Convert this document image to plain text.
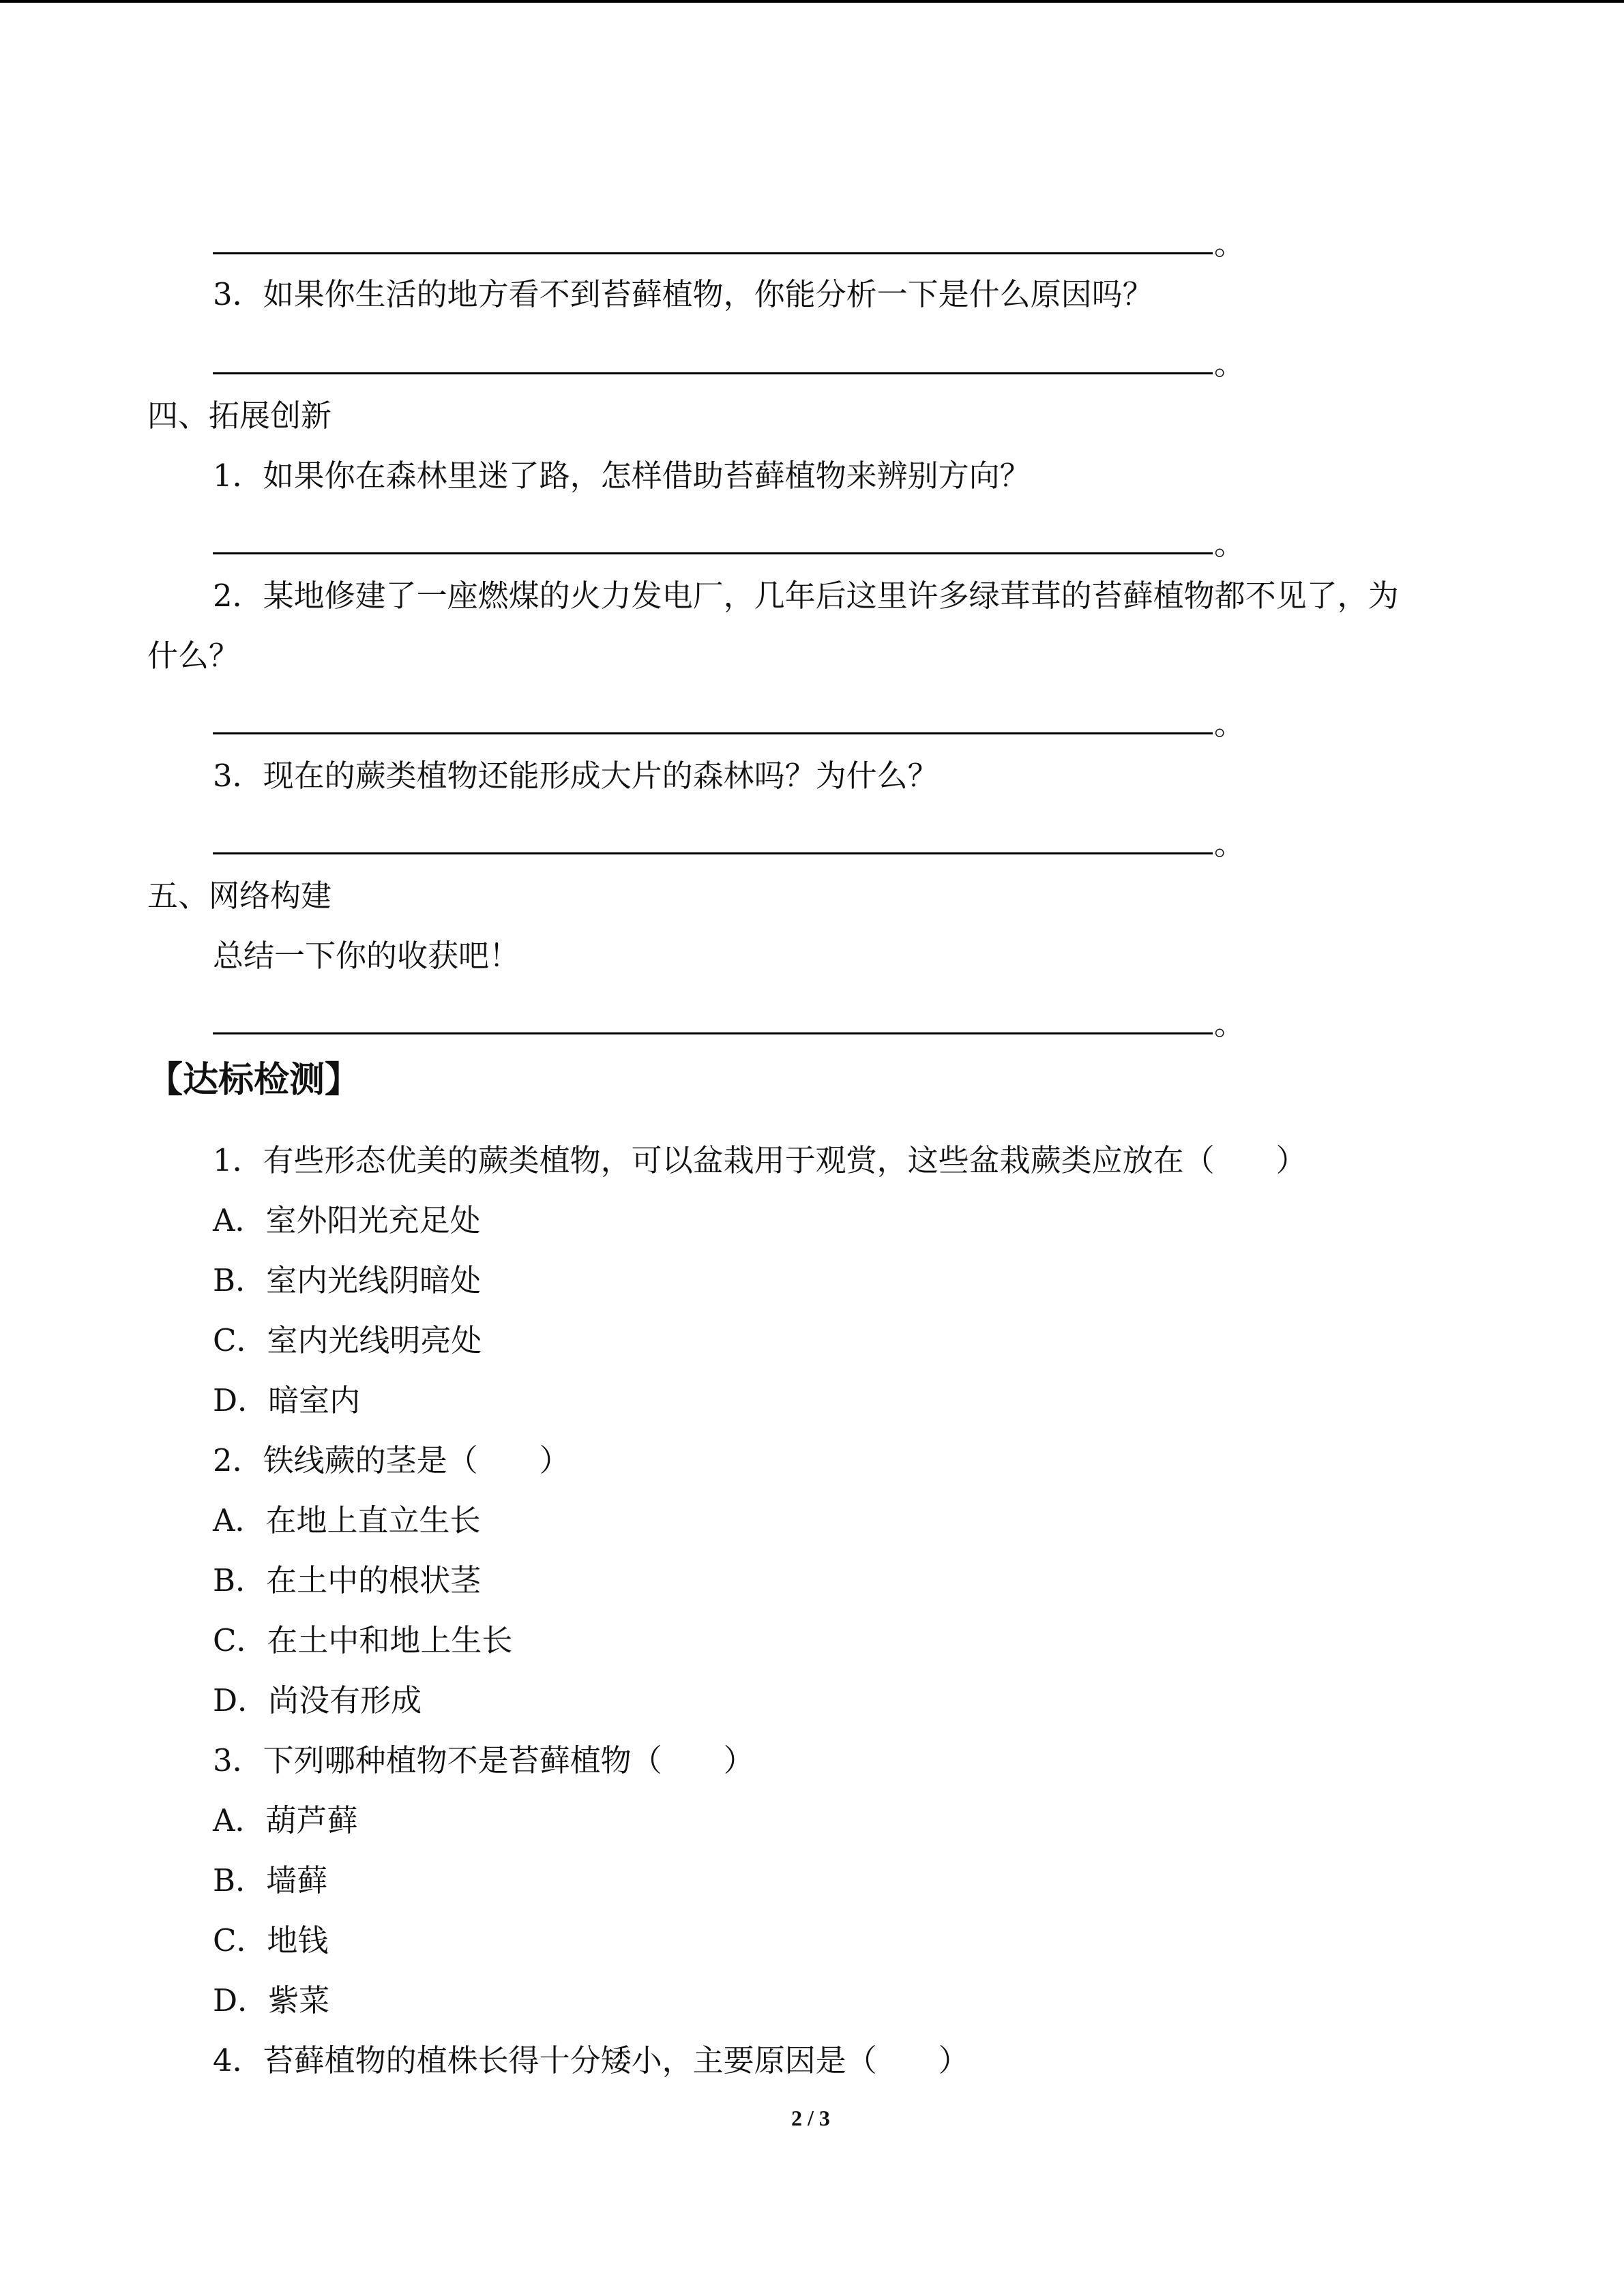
。
3．如果你生活的地方看不到苔藓植物，你能分析一下是什么原因吗？
。
四、拓展创新
1．如果你在森林里迷了路，怎样借助苔藓植物来辨别方向？
。
2．某地修建了一座燃煤的火力发电厂，几年后这里许多绿茸茸的苔藓植物都不见了，为
什么？
。
3．现在的蕨类植物还能形成大片的森林吗？为什么？
。
五、网络构建
总结一下你的收获吧！
。
【达标检测】
1．有些形态优美的蕨类植物，可以盆栽用于观赏，这些盆栽蕨类应放在（　　）
A．室外阳光充足处
B．室内光线阴暗处
C．室内光线明亮处
D．暗室内
2．铁线蕨的茎是（　　）
A．在地上直立生长
B．在土中的根状茎
C．在土中和地上生长
D．尚没有形成
3．下列哪种植物不是苔藓植物（　　）
A．葫芦藓
B．墙藓
C．地钱
D．紫菜
4．苔藓植物的植株长得十分矮小，主要原因是（　　）
2 / 3
